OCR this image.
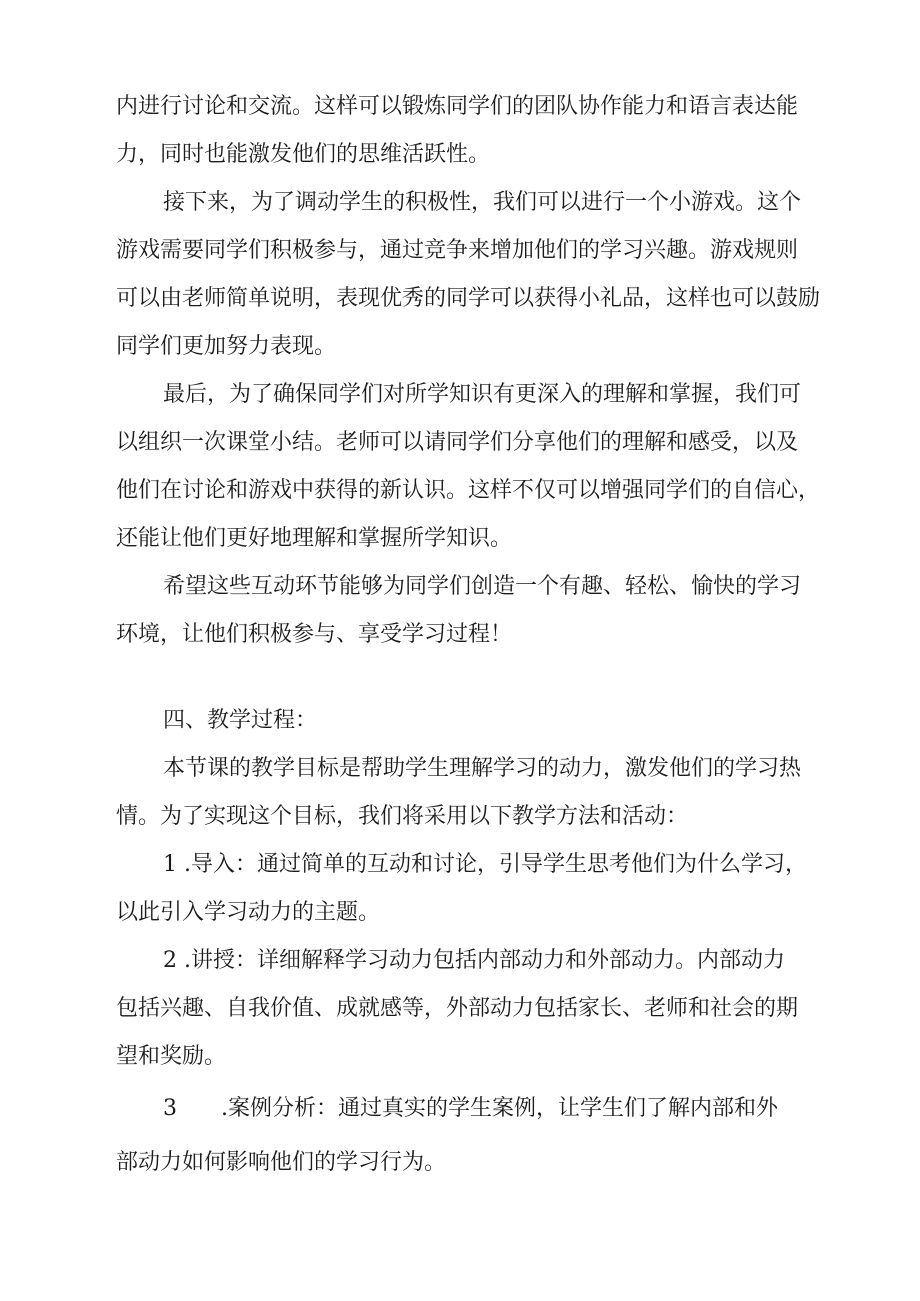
内进行讨论和交流。这样可以锻炼同学们的团队协作能力和语言表达能

力，同时也能激发他们的思维活跃性。

接下来，为了调动学生的积极性，我们可以进行一个小游戏。这个

游戏需要同学们积极参与，通过竞争来增加他们的学习兴趣。游戏规则

可以由老师简单说明，表现优秀的同学可以获得小礼品，这样也可以鼓励

同学们更加努力表现。

最后，为了确保同学们对所学知识有更深入的理解和掌握，我们可

以组织一次课堂小结。老师可以请同学们分享他们的理解和感受，以及

他们在讨论和游戏中获得的新认识。这样不仅可以增强同学们的自信心，

还能让他们更好地理解和掌握所学知识。

希望这些互动环节能够为同学们创造一个有趣、轻松、愉快的学习

环境，让他们积极参与、享受学习过程！

四、教学过程：

本节课的教学目标是帮助学生理解学习的动力，激发他们的学习热

情。为了实现这个目标，我们将采用以下教学方法和活动：

1 .导入：通过简单的互动和讨论，引导学生思考他们为什么学习，

以此引入学习动力的主题。

2 .讲授：详细解释学习动力包括内部动力和外部动力。内部动力

包括兴趣、自我价值、成就感等，外部动力包括家长、老师和社会的期

望和奖励。

3　　.案例分析：通过真实的学生案例，让学生们了解内部和外

部动力如何影响他们的学习行为。
